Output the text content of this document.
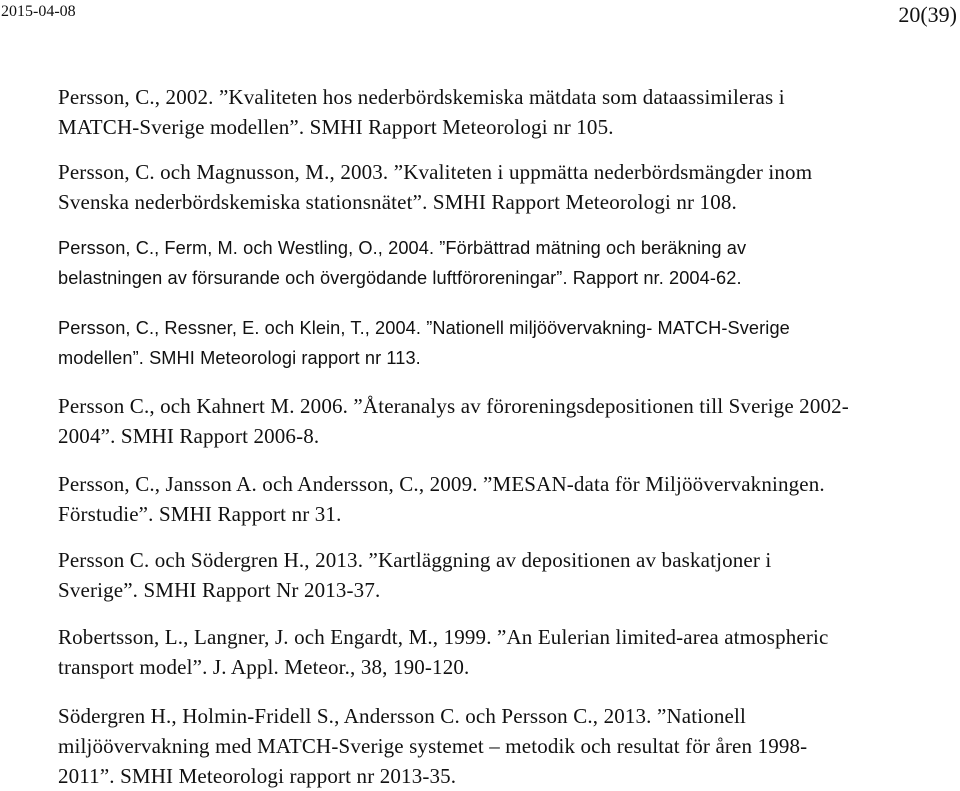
2015-04-08	20(39)
Persson, C., 2002. ”Kvaliteten hos nederbördskemiska mätdata som dataassimileras i
MATCH-Sverige modellen”. SMHI Rapport Meteorologi nr 105.
Persson, C. och Magnusson, M., 2003. ”Kvaliteten i uppmätta nederbördsmängder inom
Svenska nederbördskemiska stationsnätet”. SMHI Rapport Meteorologi nr 108.
Persson, C., Ferm, M. och Westling, O., 2004. ”Förbättrad mätning och beräkning av
belastningen av försurande och övergödande luftföroreningar”. Rapport nr. 2004-62.
Persson, C., Ressner, E. och Klein, T., 2004. ”Nationell miljöövervakning- MATCH-Sverige
modellen”. SMHI Meteorologi rapport nr 113.
Persson C., och Kahnert M. 2006. ”Återanalys av föroreningsdepositionen till Sverige 2002-
2004”. SMHI Rapport 2006-8.
Persson, C., Jansson A. och Andersson, C., 2009. ”MESAN-data för Miljöövervakningen.
Förstudie”. SMHI Rapport nr 31.
Persson C. och Södergren H., 2013. ”Kartläggning av depositionen av baskatjoner i
Sverige”. SMHI Rapport Nr 2013-37.
Robertsson, L., Langner, J. och Engardt, M., 1999. ”An Eulerian limited-area atmospheric
transport model”. J. Appl. Meteor., 38, 190-120.
Södergren H., Holmin-Fridell S., Andersson C. och Persson C., 2013. ”Nationell
miljöövervakning med MATCH-Sverige systemet – metodik och resultat för åren 1998-
2011”. SMHI Meteorologi rapport nr 2013-35.
